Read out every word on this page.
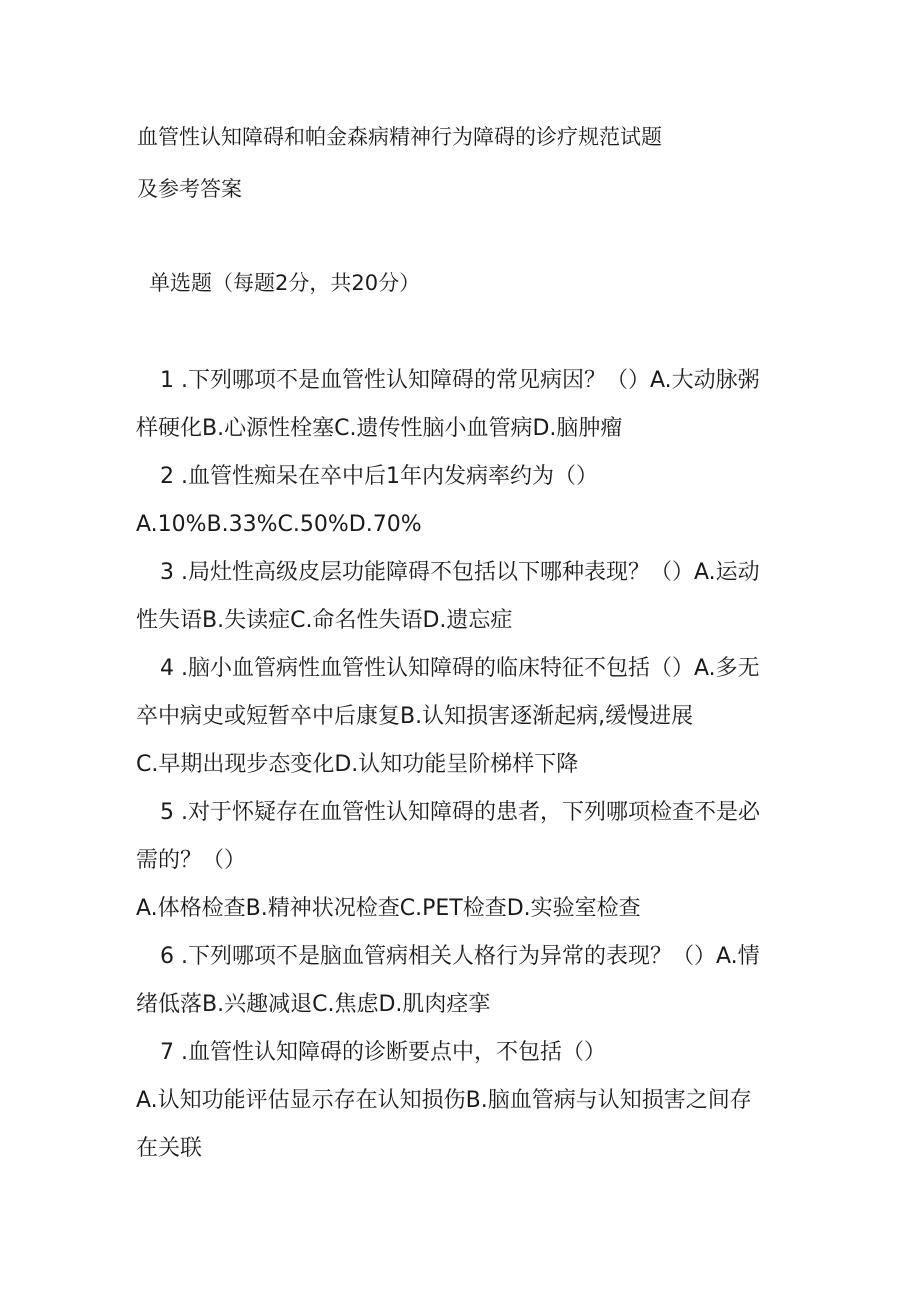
血管性认知障碍和帕金森病精神行为障碍的诊疗规范试题
及参考答案
单选题（每题2分，共20分）
1 .下列哪项不是血管性认知障碍的常见病因？（）A.大动脉粥
样硬化B.心源性栓塞C.遗传性脑小血管病D.脑肿瘤
2 .血管性痴呆在卒中后1年内发病率约为（）
A.10%B.33%C.50%D.70%
3 .局灶性高级皮层功能障碍不包括以下哪种表现？（）A.运动
性失语B.失读症C.命名性失语D.遗忘症
4 .脑小血管病性血管性认知障碍的临床特征不包括（）A.多无
卒中病史或短暂卒中后康复B.认知损害逐渐起病,缓慢进展
C.早期出现步态变化D.认知功能呈阶梯样下降
5 .对于怀疑存在血管性认知障碍的患者，下列哪项检查不是必
需的？（）
A.体格检查B.精神状况检查C.PET检查D.实验室检查
6 .下列哪项不是脑血管病相关人格行为异常的表现？（）A.情
绪低落B.兴趣减退C.焦虑D.肌肉痉挛
7 .血管性认知障碍的诊断要点中，不包括（）
A.认知功能评估显示存在认知损伤B.脑血管病与认知损害之间存
在关联
